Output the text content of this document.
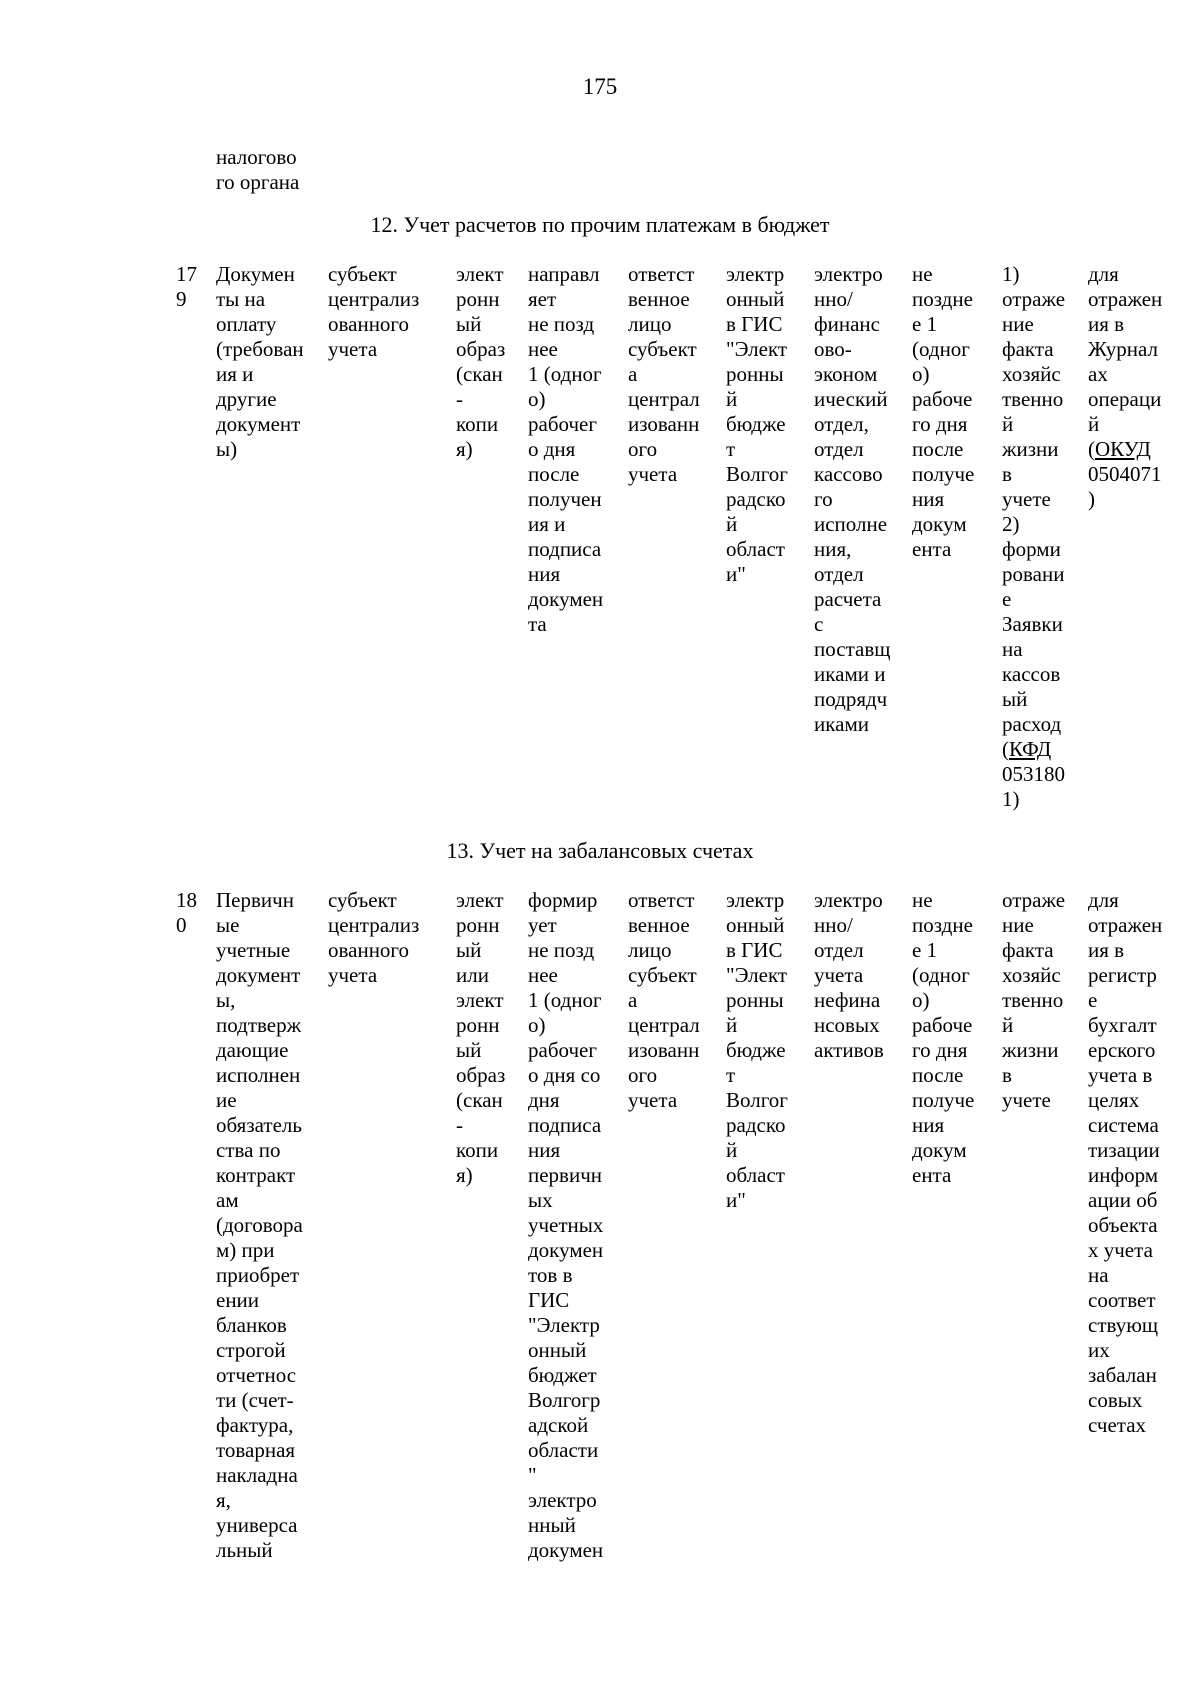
175
налогово
го органа
12. Учет расчетов по прочим платежам в бюджет
17
9
Докумен
ты на
оплату
(требован
ия и
другие
документ
ы)
субъект
централиз
ованного
учета
элект
ронн
ый
образ
(скан
-
копи
я)
направл
яет
не позд
нее
1 (одног
о)
рабочег
о дня
после
получен
ия и
подписа
ния
докумен
та
ответст
венное
лицо
субъект
а
централ
изованн
ого
учета
электр
онный
в ГИС
"Элект
ронны
й
бюдже
т
Волгог
радско
й
област
и"
электро
нно/
финанс
ово-
эконом
ический
отдел,
отдел
кассово
го
исполне
ния,
отдел
расчета
с
поставщ
иками и
подрядч
иками
не
поздне
е 1
(одног
о)
рабоче
го дня
после
получе
ния
докум
ента
1)
отраже
ние
факта
хозяйс
твенно
й
жизни
в
учете
2)
форми
ровани
е
Заявки
на
кассов
ый
расход
(КФД
053180
1)
для
отражен
ия в
Журнал
ах
операци
й
(ОКУД
0504071
)
13. Учет на забалансовых счетах
18
0
Первичн
ые
учетные
документ
ы,
подтверж
дающие
исполнен
ие
обязатель
ства по
контракт
ам
(договора
м) при
приобрет
ении
бланков
строгой
отчетнос
ти (счет-
фактура,
товарная
накладна
я,
универса
льный
субъект
централиз
ованного
учета
элект
ронн
ый
или
элект
ронн
ый
образ
(скан
-
копи
я)
формир
ует
не позд
нее
1 (одног
о)
рабочег
о дня со
дня
подписа
ния
первичн
ых
учетных
докумен
тов в
ГИС
"Электр
онный
бюджет
Волгогр
адской
области
"
электро
нный
докумен
ответст
венное
лицо
субъект
а
централ
изованн
ого
учета
электр
онный
в ГИС
"Элект
ронны
й
бюдже
т
Волгог
радско
й
област
и"
электро
нно/
отдел
учета
нефина
нсовых
активов
не
поздне
е 1
(одног
о)
рабоче
го дня
после
получе
ния
докум
ента
отраже
ние
факта
хозяйс
твенно
й
жизни
в
учете
для
отражен
ия в
регистр
е
бухгалт
ерского
учета в
целях
система
тизации
информ
ации об
объекта
х учета
на
соответ
ствующ
их
забалан
совых
счетах
